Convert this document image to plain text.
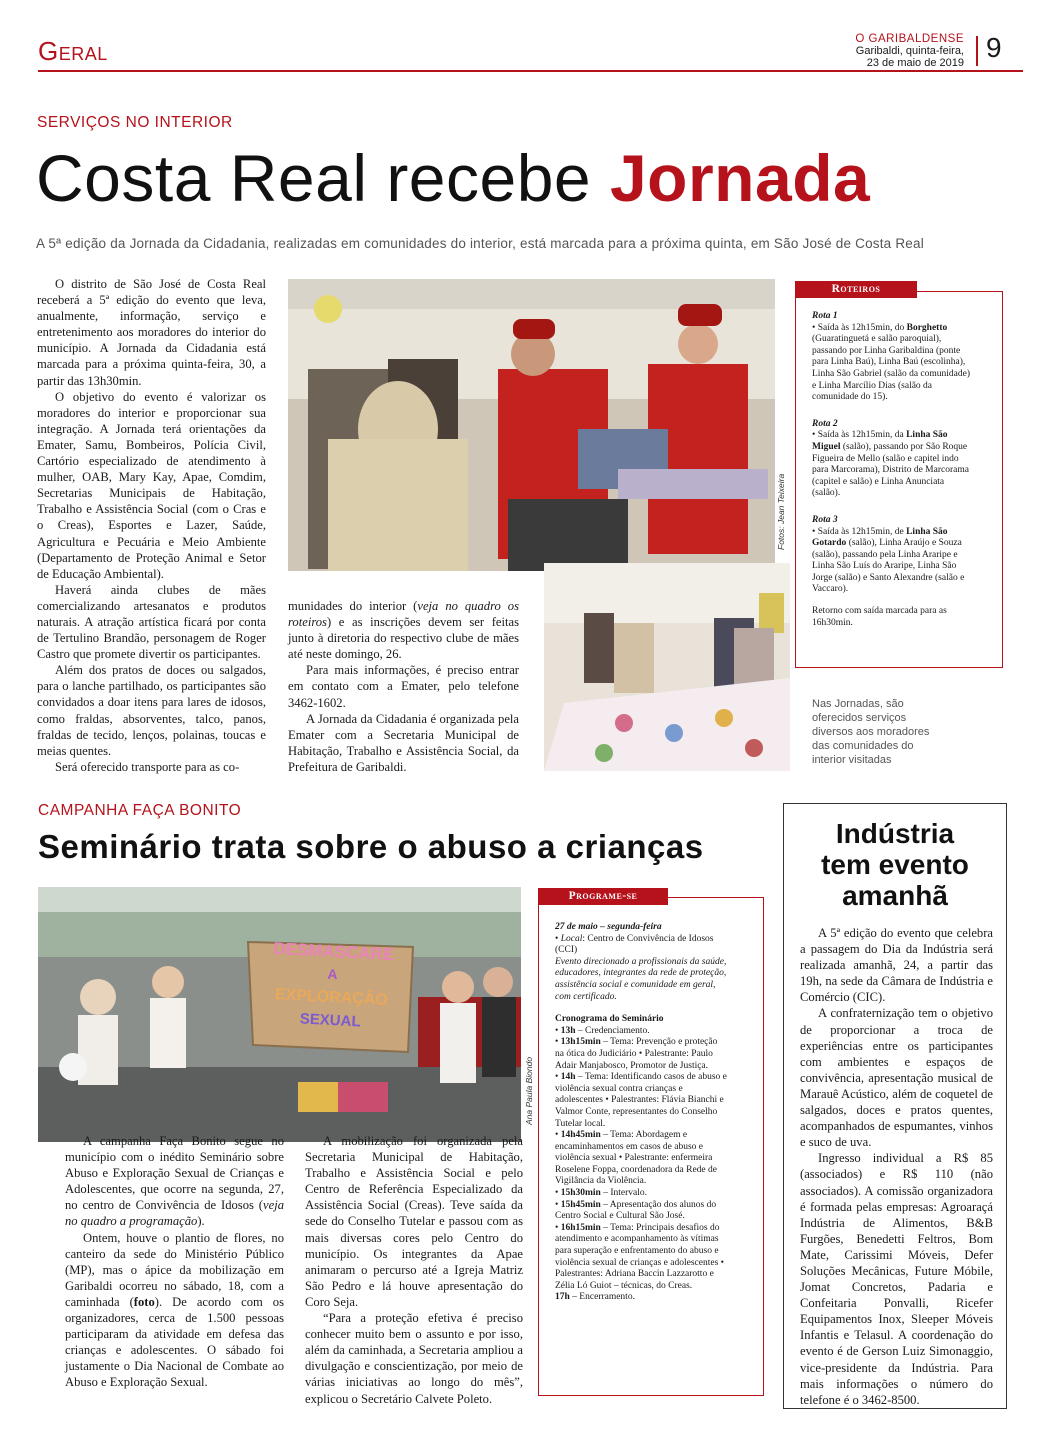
Geral	O GARIBALDENSE
Garibaldi, quinta-feira,
23 de maio de 2019 9
SERVIÇOS NO INTERIOR
Costa Real recebe Jornada
A 5ª edição da Jornada da Cidadania, realizadas em comunidades do interior, está marcada para a próxima quinta, em São José de Costa Real

O distrito de São José de Costa Real receberá a 5ª edição do evento que leva, anualmente, informação, serviço e entretenimento aos moradores do interior do município. A Jornada da Cidadania está marcada para a próxima quinta-feira, 30, a partir das 13h30min.

O objetivo do evento é valorizar os moradores do interior e proporcionar sua integração. A Jornada terá orientações da Emater, Samu, Bombeiros, Polícia Civil, Cartório especializado de atendimento à mulher, OAB, Mary Kay, Apae, Comdim, Secretarias Municipais de Habitação, Trabalho e Assistência Social (com o Cras e o Creas), Esportes e Lazer, Saúde, Agricultura e Pecuária e Meio Ambiente (Departamento de Proteção Animal e Setor de Educação Ambiental).

Haverá ainda clubes de mães comercializando artesanatos e produtos naturais. A atração artística ficará por conta de Tertulino Brandão, personagem de Roger Castro que promete divertir os participantes.

Além dos pratos de doces ou salgados, para o lanche partilhado, os participantes são convidados a doar itens para lares de idosos, como fraldas, absorventes, talco, panos, fraldas de tecido, lenços, polainas, toucas e meias quentes.

Será oferecido transporte para as co-

Fotos: Jean Teixeira

munidades do interior (veja no quadro os roteiros) e as inscrições devem ser feitas junto à diretoria do respectivo clube de mães até neste domingo, 26.

Para mais informações, é preciso entrar em contato com a Emater, pelo telefone 3462-1602.

A Jornada da Cidadania é organizada pela Emater com a Secretaria Municipal de Habitação, Trabalho e Assistência Social, da Prefeitura de Garibaldi.

Roteiros
Rota 1
• Saída às 12h15min, do Borghetto (Guaratinguetá e salão paroquial), passando por Linha Garibaldina (ponte para Linha Baú), Linha Baú (escolinha), Linha São Gabriel (salão da comunidade) e Linha Marcílio Dias (salão da comunidade do 15).
Rota 2
• Saída às 12h15min, da Linha São Miguel (salão), passando por São Roque Figueira de Mello (salão e capitel indo para Marcorama), Distrito de Marcorama (capitel e salão) e Linha Anunciata (salão).
Rota 3
• Saída às 12h15min, de Linha São Gotardo (salão), Linha Araújo e Souza (salão), passando pela Linha Araripe e Linha São Luís do Araripe, Linha São Jorge (salão) e Santo Alexandre (salão e Vaccaro).
Retorno com saída marcada para as 16h30min.
Nas Jornadas, são oferecidos serviços diversos aos moradores das comunidades do interior visitadas
CAMPANHA FAÇA BONITO
Seminário trata sobre o abuso a crianças
DESMASCARE
A
EXPLORAÇÃO
SEXUAL
Ana Paula Biondo

A campanha Faça Bonito segue no município com o inédito Seminário sobre Abuso e Exploração Sexual de Crianças e Adolescentes, que ocorre na segunda, 27, no centro de Convivência de Idosos (veja no quadro a programação).

Ontem, houve o plantio de flores, no canteiro da sede do Ministério Público (MP), mas o ápice da mobilização em Garibaldi ocorreu no sábado, 18, com a caminhada (foto). De acordo com os organizadores, cerca de 1.500 pessoas participaram da atividade em defesa das crianças e adolescentes. O sábado foi justamente o Dia Nacional de Combate ao Abuso e Exploração Sexual.

A mobilização foi organizada pela Secretaria Municipal de Habitação, Trabalho e Assistência Social e pelo Centro de Referência Especializado da Assistência Social (Creas). Teve saída da sede do Conselho Tutelar e passou com as mais diversas cores pelo Centro do município. Os integrantes da Apae animaram o percurso até a Igreja Matriz São Pedro e lá houve apresentação do Coro Seja.

“Para a proteção efetiva é preciso conhecer muito bem o assunto e por isso, além da caminhada, a Secretaria ampliou a divulgação e conscientização, por meio de várias iniciativas ao longo do mês”, explicou o Secretário Calvete Poleto.

Programe-se
27 de maio – segunda-feira
• Local: Centro de Convivência de Idosos (CCI)
Evento direcionado a profissionais da saúde, educadores, integrantes da rede de proteção, assistência social e comunidade em geral, com certificado.
Cronograma do Seminário
• 13h – Credenciamento.
• 13h15min – Tema: Prevenção e proteção na ótica do Judiciário • Palestrante: Paulo Adair Manjabosco, Promotor de Justiça.
• 14h – Tema: Identificando casos de abuso e violência sexual contra crianças e adolescentes • Palestrantes: Flávia Bianchi e Valmor Conte, representantes do Conselho Tutelar local.
• 14h45min – Tema: Abordagem e encaminhamentos em casos de abuso e violência sexual • Palestrante: enfermeira Roselene Foppa, coordenadora da Rede de Vigilância da Violência.
• 15h30min – Intervalo.
• 15h45min – Apresentação dos alunos do Centro Social e Cultural São José.
• 16h15min – Tema: Principais desafios do atendimento e acompanhamento às vítimas para superação e enfrentamento do abuso e violência sexual de crianças e adolescentes • Palestrantes: Adriana Baccin Lazzarotto e Zélia Ló Guiot – técnicas, do Creas.
17h – Encerramento.
Indústria
tem evento
amanhã

A 5ª edição do evento que celebra a passagem do Dia da Indústria será realizada amanhã, 24, a partir das 19h, na sede da Câmara de Indústria e Comércio (CIC).

A confraternização tem o objetivo de proporcionar a troca de experiências entre os participantes com ambientes e espaços de convivência, apresentação musical de Marauê Acústico, além de coquetel de salgados, doces e pratos quentes, acompanhados de espumantes, vinhos e suco de uva.

Ingresso individual a R$ 85 (associados) e R$ 110 (não associados). A comissão organizadora é formada pelas empresas: Agroaraçá Indústria de Alimentos, B&B Furgões, Benedetti Feltros, Bom Mate, Carissimi Móveis, Defer Soluções Mecânicas, Future Móbile, Jomat Concretos, Padaria e Confeitaria Ponvalli, Ricefer Equipamentos Inox, Sleeper Móveis Infantis e Telasul. A coordenação do evento é de Gerson Luiz Simonaggio, vice-presidente da Indústria. Para mais informações o número do telefone é o 3462-8500.
